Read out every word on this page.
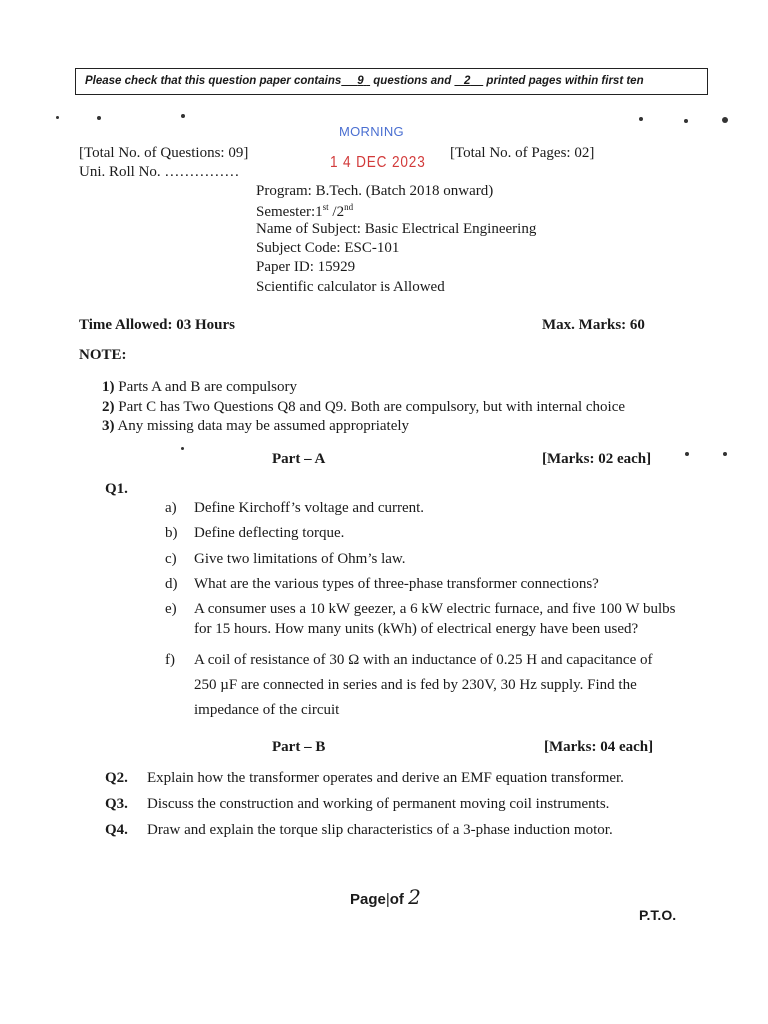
Please check that this question paper contains 9 questions and 2 printed pages within first ten
MORNING
1 4 DEC 2023
[Total No. of Questions: 09]
Uni. Roll No. ……………
[Total No. of Pages: 02]
Program: B.Tech. (Batch 2018 onward)
Semester:1st /2nd
Name of Subject: Basic Electrical Engineering
Subject Code: ESC-101
Paper ID: 15929
Scientific calculator is Allowed
Time Allowed: 03 Hours	Max. Marks: 60
NOTE:
1) Parts A and B are compulsory
2) Part C has Two Questions Q8 and Q9. Both are compulsory, but with internal choice
3) Any missing data may be assumed appropriately
Part – A	[Marks: 02 each]
Q1.
a) Define Kirchoff’s voltage and current.
b) Define deflecting torque.
c) Give two limitations of Ohm’s law.
d) What are the various types of three-phase transformer connections?
e) A consumer uses a 10 kW geezer, a 6 kW electric furnace, and five 100 W bulbs
for 15 hours. How many units (kWh) of electrical energy have been used?
f) A coil of resistance of 30 Ω with an inductance of 0.25 H and capacitance of
250 µF are connected in series and is fed by 230V, 30 Hz supply. Find the
impedance of the circuit
Part – B	[Marks: 04 each]
Q2. Explain how the transformer operates and derive an EMF equation transformer.
Q3. Discuss the construction and working of permanent moving coil instruments.
Q4. Draw and explain the torque slip characteristics of a 3-phase induction motor.
Page|of 2
P.T.O.
